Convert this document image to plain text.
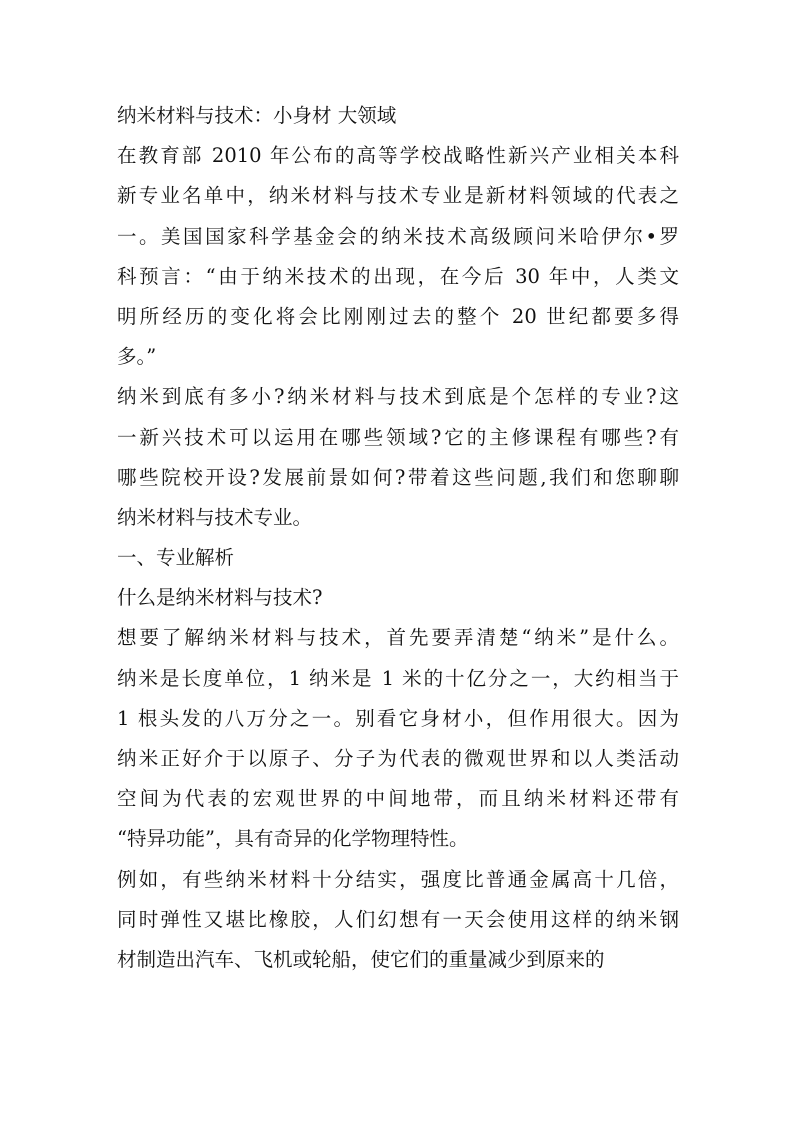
纳米材料与技术：小身材 大领域
在教育部 2010 年公布的高等学校战略性新兴产业相关本科
新专业名单中，纳米材料与技术专业是新材料领域的代表之
一。美国国家科学基金会的纳米技术高级顾问米哈伊尔•罗
科预言：“由于纳米技术的出现，在今后 30 年中，人类文
明所经历的变化将会比刚刚过去的整个 20 世纪都要多得
多。”
纳米到底有多小?纳米材料与技术到底是个怎样的专业?这
一新兴技术可以运用在哪些领域?它的主修课程有哪些?有
哪些院校开设?发展前景如何?带着这些问题,我们和您聊聊
纳米材料与技术专业。
一、专业解析
什么是纳米材料与技术?
想要了解纳米材料与技术，首先要弄清楚“纳米”是什么。
纳米是长度单位，1 纳米是 1 米的十亿分之一，大约相当于
1 根头发的八万分之一。别看它身材小，但作用很大。因为
纳米正好介于以原子、分子为代表的微观世界和以人类活动
空间为代表的宏观世界的中间地带，而且纳米材料还带有
“特异功能”，具有奇异的化学物理特性。
例如，有些纳米材料十分结实，强度比普通金属高十几倍，
同时弹性又堪比橡胶，人们幻想有一天会使用这样的纳米钢
材制造出汽车、飞机或轮船，使它们的重量减少到原来的
